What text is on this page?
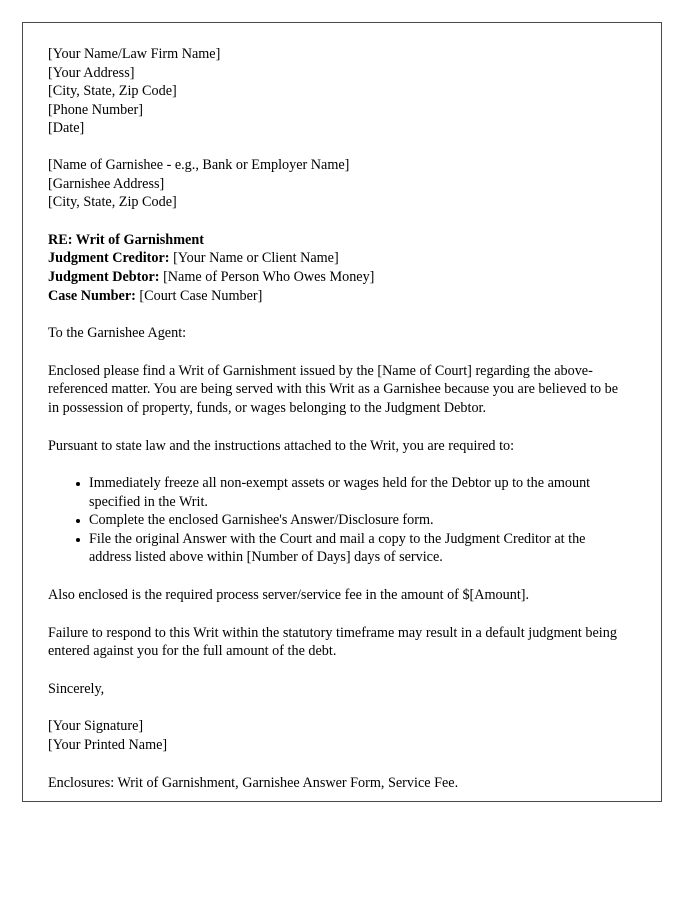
[Your Name/Law Firm Name]
[Your Address]
[City, State, Zip Code]
[Phone Number]
[Date]
[Name of Garnishee - e.g., Bank or Employer Name]
[Garnishee Address]
[City, State, Zip Code]
RE: Writ of Garnishment
Judgment Creditor: [Your Name or Client Name]
Judgment Debtor: [Name of Person Who Owes Money]
Case Number: [Court Case Number]

To the Garnishee Agent:

Enclosed please find a Writ of Garnishment issued by the [Name of Court] regarding the above-referenced matter. You are being served with this Writ as a Garnishee because you are believed to be in possession of property, funds, or wages belonging to the Judgment Debtor.

Pursuant to state law and the instructions attached to the Writ, you are required to:

Immediately freeze all non-exempt assets or wages held for the Debtor up to the amount specified in the Writ.
Complete the enclosed Garnishee's Answer/Disclosure form.
File the original Answer with the Court and mail a copy to the Judgment Creditor at the address listed above within [Number of Days] days of service.

Also enclosed is the required process server/service fee in the amount of $[Amount].

Failure to respond to this Writ within the statutory timeframe may result in a default judgment being entered against you for the full amount of the debt.

Sincerely,

[Your Signature]
[Your Printed Name]

Enclosures: Writ of Garnishment, Garnishee Answer Form, Service Fee.
